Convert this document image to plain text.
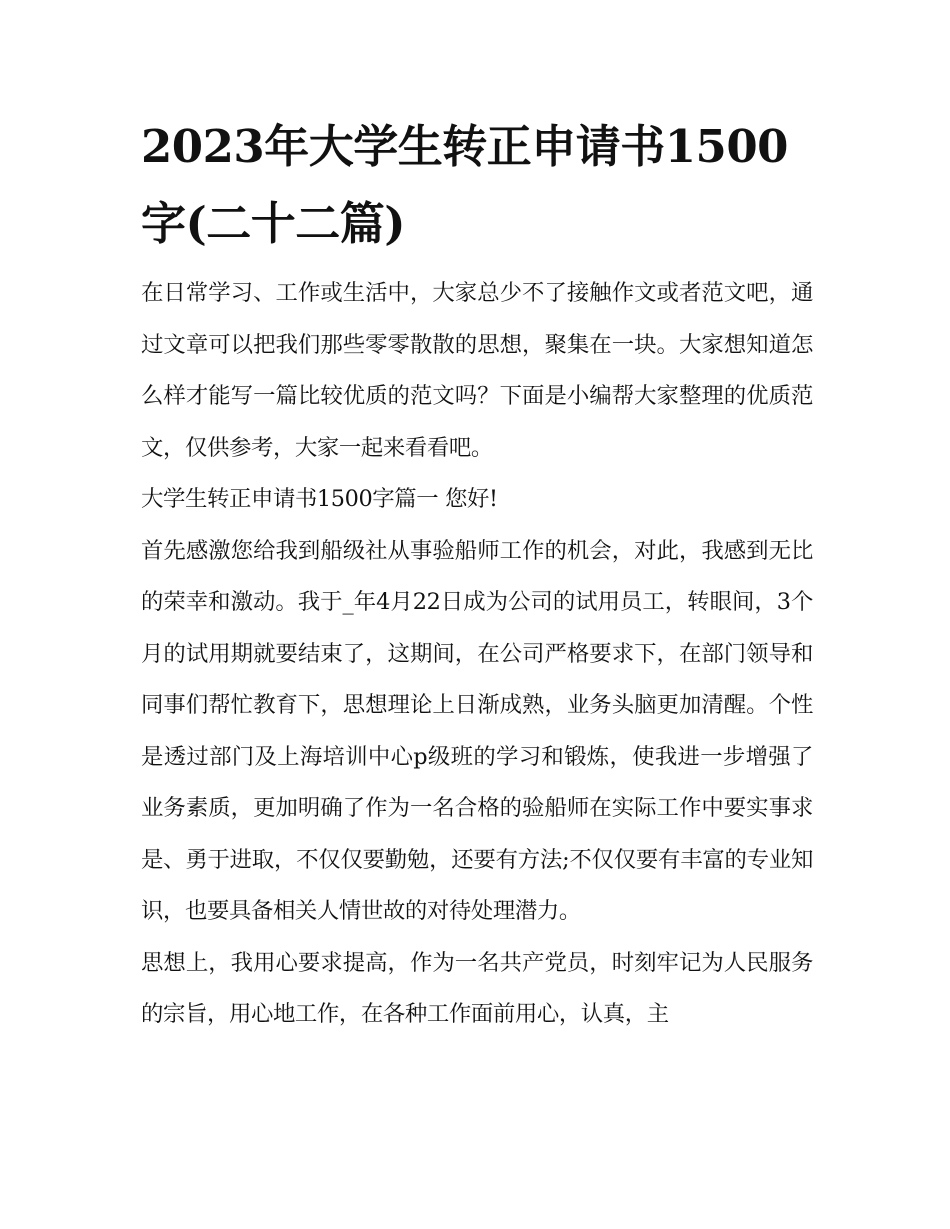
2023年大学生转正申请书1500字(二十二篇)

在日常学习、工作或生活中，大家总少不了接触作文或者范文吧，通过文章可以把我们那些零零散散的思想，聚集在一块。大家想知道怎么样才能写一篇比较优质的范文吗？下面是小编帮大家整理的优质范文，仅供参考，大家一起来看看吧。

大学生转正申请书1500字篇一 您好!

首先感激您给我到船级社从事验船师工作的机会，对此，我感到无比的荣幸和激动。我于_年4月22日成为公司的试用员工，转眼间，3个月的试用期就要结束了，这期间，在公司严格要求下，在部门领导和同事们帮忙教育下，思想理论上日渐成熟，业务头脑更加清醒。个性是透过部门及上海培训中心p级班的学习和锻炼，使我进一步增强了业务素质，更加明确了作为一名合格的验船师在实际工作中要实事求是、勇于进取，不仅仅要勤勉，还要有方法;不仅仅要有丰富的专业知识，也要具备相关人情世故的对待处理潜力。

思想上，我用心要求提高，作为一名共产党员，时刻牢记为人民服务的宗旨，用心地工作，在各种工作面前用心，认真，主
